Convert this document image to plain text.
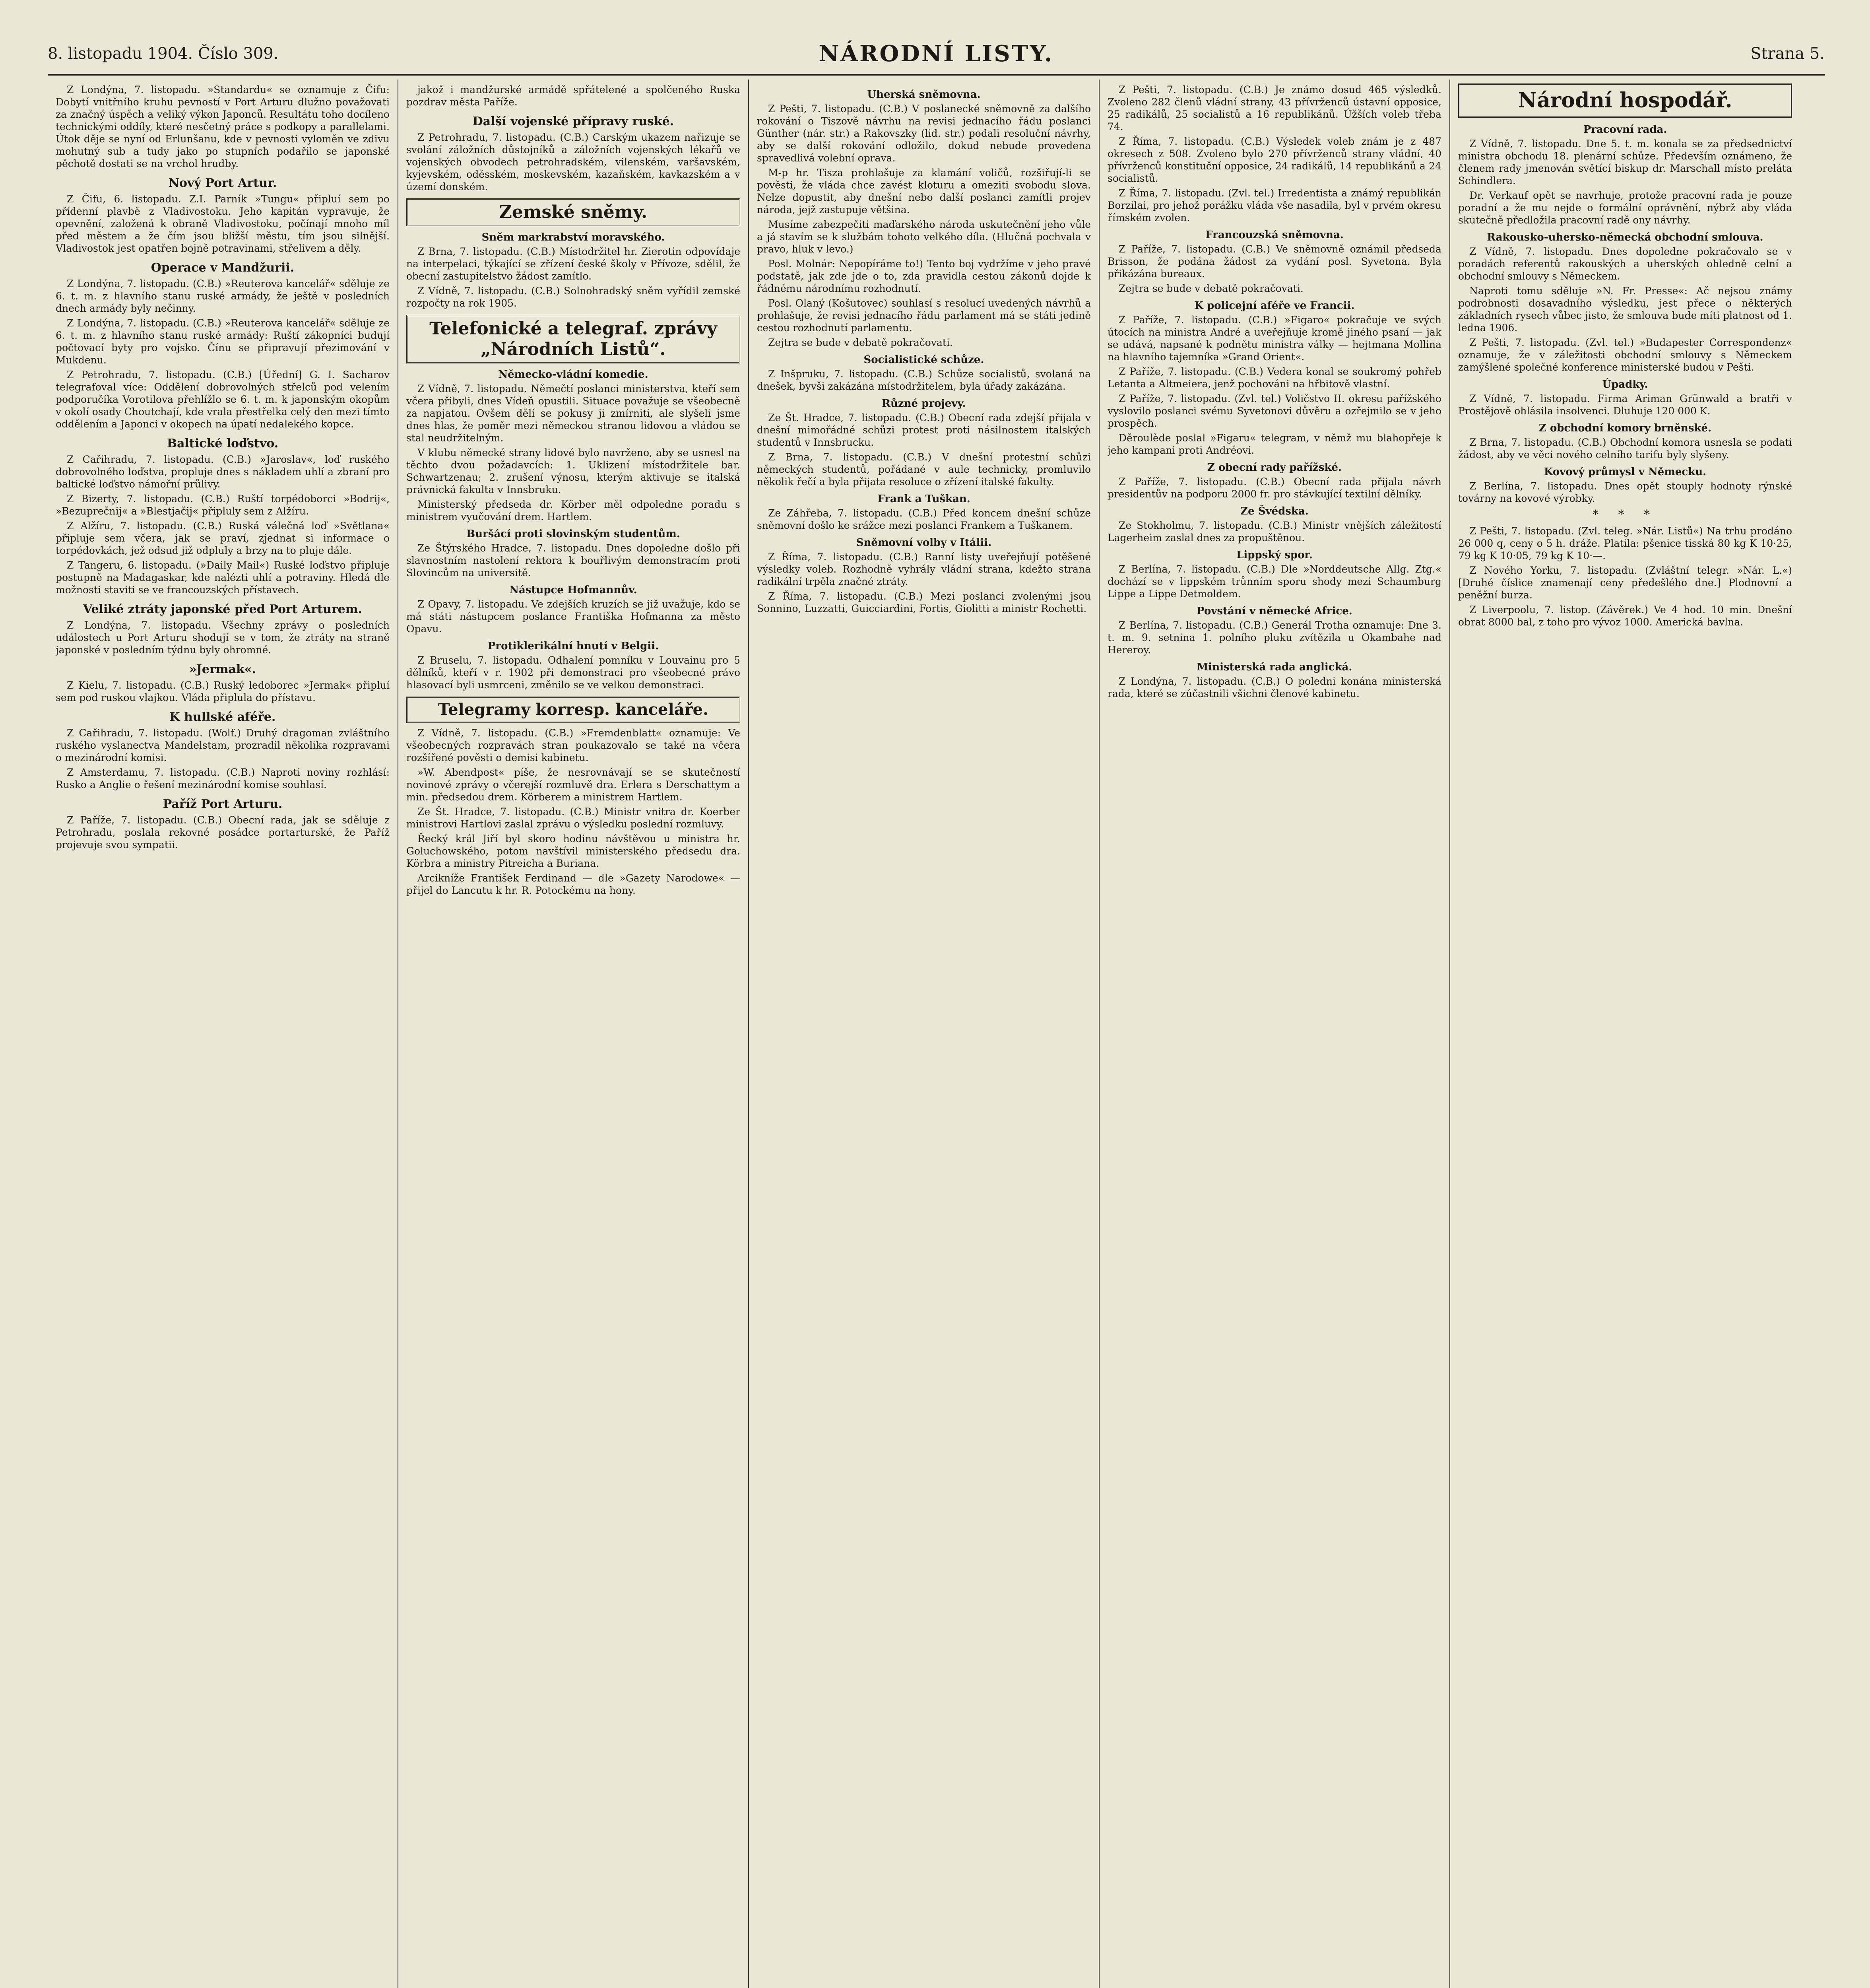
8. listopadu 1904. Číslo 309.	NÁRODNÍ LISTY.	Strana 5.

Z Londýna, 7. listopadu. »Standardu« se oznamuje z Čifu: Dobytí vnitřního kruhu pevností v Port Arturu dlužno považovati za značný úspěch a veliký výkon Japonců. Resultátu toho docíleno technickými oddíly, které nesčetný práce s podkopy a parallelami. Útok děje se nyní od Erlunšanu, kde v pevnosti vyloměn ve zdivu mohutný sub a tudy jako po stupních podařilo se japonské pěchotě dostati se na vrchol hrudby.

Nový Port Artur.

Z Čifu, 6. listopadu. Z.I. Parník »Tungu« připluí sem po přídenní plavbě z Vladivostoku. Jeho kapitán vypravuje, že opevnění, založená k obraně Vladivostoku, počínají mnoho míl před městem a že čím jsou bližší městu, tím jsou silnější. Vladivostok jest opatřen bojně potravinami, střelivem a děly.

Operace v Mandžurii.

Z Londýna, 7. listopadu. (C.B.) »Reuterova kancelář« sděluje ze 6. t. m. z hlavního stanu ruské armády, že ještě v posledních dnech armády byly nečinny.

Z Londýna, 7. listopadu. (C.B.) »Reuterova kancelář« sděluje ze 6. t. m. z hlavního stanu ruské armády: Ruští zákopníci budují počtovací byty pro vojsko. Čínu se připravují přezimování v Mukdenu.

Z Petrohradu, 7. listopadu. (C.B.) [Úřední] G. I. Sacharov telegrafoval více: Oddělení dobrovolných střelců pod velením podporučíka Vorotilova přehlížlo se 6. t. m. k japonským okopům v okolí osady Choutchají, kde vrala přestřelka celý den mezi tímto oddělením a Japonci v okopech na úpatí nedalekého kopce.

Baltické loďstvo.

Z Cařihradu, 7. listopadu. (C.B.) »Jaroslav«, loď ruského dobrovolného loďstva, propluje dnes s nákladem uhlí a zbraní pro baltické loďstvo námořní průlivy.

Z Bizerty, 7. listopadu. (C.B.) Ruští torpédoborci »Bodrij«, »Bezuprečnij« a »Blestjačij« připluly sem z Alžíru.

Z Alžíru, 7. listopadu. (C.B.) Ruská válečná loď »Světlana« připluje sem včera, jak se praví, zjednat si informace o torpédovkách, jež odsud již odpluly a brzy na to pluje dále.

Z Tangeru, 6. listopadu. (»Daily Mail«) Ruské loďstvo připluje postupně na Madagaskar, kde nalézti uhlí a potraviny. Hledá dle možnosti staviti se ve francouzských přístavech.

Veliké ztráty japonské před Port Arturem.

Z Londýna, 7. listopadu. Všechny zprávy o posledních událostech u Port Arturu shodují se v tom, že ztráty na straně japonské v posledním týdnu byly ohromné.

»Jermak«.

Z Kielu, 7. listopadu. (C.B.) Ruský ledoborec »Jermak« připluí sem pod ruskou vlajkou. Vláda připlula do přístavu.

K hullské aféře.

Z Cařihradu, 7. listopadu. (Wolf.) Druhý dragoman zvláštního ruského vyslanectva Mandelstam, prozradil několika rozpravami o mezinárodní komisi.

Z Amsterdamu, 7. listopadu. (C.B.) Naproti noviny rozhlásí: Rusko a Anglie o řešení mezinárodní komise souhlasí.

Paříž Port Arturu.

Z Paříže, 7. listopadu. (C.B.) Obecní rada, jak se sděluje z Petrohradu, poslala rekovné posádce portarturské, že Paříž projevuje svou sympatii.

jakož i mandžurské armádě spřátelené a spolčeného Ruska pozdrav města Paříže.

Další vojenské přípravy ruské.

Z Petrohradu, 7. listopadu. (C.B.) Carským ukazem nařizuje se svolání záložních důstojníků a záložních vojenských lékařů ve vojenských obvodech petrohradském, vilenském, varšavském, kyjevském, oděsském, moskevském, kazaňském, kavkazském a v území donském.

Zemské sněmy.
Sněm markrabství moravského.

Z Brna, 7. listopadu. (C.B.) Místodržitel hr. Zierotin odpovídaje na interpelaci, týkající se zřízení české školy v Přívoze, sdělil, že obecní zastupitelstvo žádost zamítlo.

Z Vídně, 7. listopadu. (C.B.) Solnohradský sněm vyřídil zemské rozpočty na rok 1905.

Telefonické a telegraf. zprávy „Národních Listů“.
Německo-vládní komedie.

Z Vídně, 7. listopadu. Němečtí poslanci ministerstva, kteří sem včera přibyli, dnes Vídeň opustili. Situace považuje se všeobecně za napjatou. Ovšem dělí se pokusy ji zmírniti, ale slyšeli jsme dnes hlas, že poměr mezi německou stranou lidovou a vládou se stal neudržitelným.

V klubu německé strany lidové bylo navrženo, aby se usnesl na těchto dvou požadavcích: 1. Uklizení místodržitele bar. Schwartzenau; 2. zrušení výnosu, kterým aktivuje se italská právnická fakulta v Innsbruku.

Ministerský předseda dr. Körber měl odpoledne poradu s ministrem vyučování drem. Hartlem.

Buršácí proti slovinským studentům.

Ze Štýrského Hradce, 7. listopadu. Dnes dopoledne došlo při slavnostním nastolení rektora k bouřlivým demonstracím proti Slovincům na universitě.

Nástupce Hofmannův.

Z Opavy, 7. listopadu. Ve zdejších kruzích se již uvažuje, kdo se má státi nástupcem poslance Františka Hofmanna za město Opavu.

Protiklerikální hnutí v Belgii.

Z Bruselu, 7. listopadu. Odhalení pomníku v Louvainu pro 5 dělníků, kteří v r. 1902 při demonstraci pro všeobecné právo hlasovací byli usmrceni, změnilo se ve velkou demonstraci.

Telegramy korresp. kanceláře.

Z Vídně, 7. listopadu. (C.B.) »Fremdenblatt« oznamuje: Ve všeobecných rozpravách stran poukazovalo se také na včera rozšířené pověsti o demisi kabinetu.

»W. Abendpost« píše, že nesrovnávají se se skutečností novinové zprávy o včerejší rozmluvě dra. Erlera s Derschattym a min. předsedou drem. Körberem a ministrem Hartlem.

Ze Št. Hradce, 7. listopadu. (C.B.) Ministr vnitra dr. Koerber ministrovi Hartlovi zaslal zprávu o výsledku poslední rozmluvy.

Řecký král Jiří byl skoro hodinu návštěvou u ministra hr. Goluchowského, potom navštívil ministerského předsedu dra. Körbra a ministry Pitreicha a Buriana.

Arcikníže František Ferdinand — dle »Gazety Narodowe« — přijel do Lancutu k hr. R. Potockému na hony.

Uherská sněmovna.

Z Pešti, 7. listopadu. (C.B.) V poslanecké sněmovně za dalšího rokování o Tiszově návrhu na revisi jednacího řádu poslanci Günther (nár. str.) a Rakovszky (lid. str.) podali resoluční návrhy, aby se další rokování odložilo, dokud nebude provedena spravedlivá volební oprava.

M-p hr. Tisza prohlašuje za klamání voličů, rozšiřují-li se pověsti, že vláda chce zavést kloturu a omeziti svobodu slova. Nelze dopustit, aby dnešní nebo další poslanci zamítli projev národa, jejž zastupuje většina.

Musíme zabezpečiti maďarského národa uskutečnění jeho vůle a já stavím se k službám tohoto velkého díla. (Hlučná pochvala v pravo, hluk v levo.)

Posl. Molnár: Nepopíráme to!) Tento boj vydržíme v jeho pravé podstatě, jak zde jde o to, zda pravidla cestou zákonů dojde k řádnému národnímu rozhodnutí.

Posl. Olaný (Košutovec) souhlasí s resolucí uvedených návrhů a prohlašuje, že revisi jednacího řádu parlament má se státi jedině cestou rozhodnutí parlamentu.

Zejtra se bude v debatě pokračovati.

Socialistické schůze.

Z Inšpruku, 7. listopadu. (C.B.) Schůze socialistů, svolaná na dnešek, byvši zakázána místodržitelem, byla úřady zakázána.

Různé projevy.

Ze Št. Hradce, 7. listopadu. (C.B.) Obecní rada zdejší přijala v dnešní mimořádné schůzi protest proti násilnostem italských studentů v Innsbrucku.

Z Brna, 7. listopadu. (C.B.) V dnešní protestní schůzi německých studentů, pořádané v aule technicky, promluvilo několik řečí a byla přijata resoluce o zřízení italské fakulty.

Frank a Tuškan.

Ze Záhřeba, 7. listopadu. (C.B.) Před koncem dnešní schůze sněmovní došlo ke srážce mezi poslanci Frankem a Tuškanem.

Sněmovní volby v Itálii.

Z Říma, 7. listopadu. (C.B.) Ranní listy uveřejňují potěšené výsledky voleb. Rozhodně vyhrály vládní strana, kdežto strana radikální trpěla značné ztráty.

Z Říma, 7. listopadu. (C.B.) Mezi poslanci zvolenými jsou Sonnino, Luzzatti, Guicciardini, Fortis, Giolitti a ministr Rochetti.

Z Pešti, 7. listopadu. (C.B.) Je známo dosud 465 výsledků. Zvoleno 282 členů vládní strany, 43 přívrženců ústavní opposice, 25 radikálů, 25 socialistů a 16 republikánů. Úžších voleb třeba 74.

Z Říma, 7. listopadu. (C.B.) Výsledek voleb znám je z 487 okresech z 508. Zvoleno bylo 270 přívrženců strany vládní, 40 přívrženců konstituční opposice, 24 radikálů, 14 republikánů a 24 socialistů.

Z Říma, 7. listopadu. (Zvl. tel.) Irredentista a známý republikán Borzilai, pro jehož porážku vláda vše nasadila, byl v prvém okresu římském zvolen.

Francouzská sněmovna.

Z Paříže, 7. listopadu. (C.B.) Ve sněmovně oznámil předseda Brisson, že podána žádost za vydání posl. Syvetona. Byla přikázána bureaux.

Zejtra se bude v debatě pokračovati.

K policejní aféře ve Francii.

Z Paříže, 7. listopadu. (C.B.) »Figaro« pokračuje ve svých útocích na ministra André a uveřejňuje kromě jiného psaní — jak se udává, napsané k podnětu ministra války — hejtmana Mollina na hlavního tajemníka »Grand Orient«.

Z Paříže, 7. listopadu. (C.B.) Vedera konal se soukromý pohřeb Letanta a Altmeiera, jenž pochováni na hřbitově vlastní.

Z Paříže, 7. listopadu. (Zvl. tel.) Voličstvo II. okresu pařížského vyslovilo poslanci svému Syvetonovi důvěru a ozřejmilo se v jeho prospěch.

Děroulède poslal »Figaru« telegram, v němž mu blahopřeje k jeho kampani proti Andréovi.

Z obecní rady pařížské.

Z Paříže, 7. listopadu. (C.B.) Obecní rada přijala návrh presidentův na podporu 2000 fr. pro stávkující textilní dělníky.

Ze Švédska.

Ze Stokholmu, 7. listopadu. (C.B.) Ministr vnějších záležitostí Lagerheim zaslal dnes za propuštěnou.

Lippský spor.

Z Berlína, 7. listopadu. (C.B.) Dle »Norddeutsche Allg. Ztg.« dochází se v lippském trůnním sporu shody mezi Schaumburg Lippe a Lippe Detmoldem.

Povstání v německé Africe.

Z Berlína, 7. listopadu. (C.B.) Generál Trotha oznamuje: Dne 3. t. m. 9. setnina 1. polního pluku zvítězila u Okambahe nad Hereroy.

Ministerská rada anglická.

Z Londýna, 7. listopadu. (C.B.) O poledni konána ministerská rada, které se zúčastnili všichni členové kabinetu.

Národní hospodář.
Pracovní rada.

Z Vídně, 7. listopadu. Dne 5. t. m. konala se za předsednictví ministra obchodu 18. plenární schůze. Především oznámeno, že členem rady jmenován světící biskup dr. Marschall místo preláta Schindlera.

Dr. Verkauf opět se navrhuje, protože pracovní rada je pouze poradní a že mu nejde o formální oprávnění, nýbrž aby vláda skutečně předložila pracovní radě ony návrhy.

Rakousko-uhersko-německá obchodní smlouva.

Z Vídně, 7. listopadu. Dnes dopoledne pokračovalo se v poradách referentů rakouských a uherských ohledně celní a obchodní smlouvy s Německem.

Naproti tomu sděluje »N. Fr. Presse«: Ač nejsou známy podrobnosti dosavadního výsledku, jest přece o některých základních rysech vůbec jisto, že smlouva bude míti platnost od 1. ledna 1906.

Z Pešti, 7. listopadu. (Zvl. tel.) »Budapester Correspondenz« oznamuje, že v záležitosti obchodní smlouvy s Německem zamýšlené společné konference ministerské budou v Pešti.

Úpadky.

Z Vídně, 7. listopadu. Firma Ariman Grünwald a bratři v Prostějově ohlásila insolvenci. Dluhuje 120 000 K.

Z obchodní komory brněnské.

Z Brna, 7. listopadu. (C.B.) Obchodní komora usnesla se podati žádost, aby ve věci nového celního tarifu byly slyšeny.

Kovový průmysl v Německu.

Z Berlína, 7. listopadu. Dnes opět stouply hodnoty rýnské továrny na kovové výrobky.

* * *

Z Pešti, 7. listopadu. (Zvl. teleg. »Nár. Listů«) Na trhu prodáno 26 000 q, ceny o 5 h. dráže. Platila: pšenice tisská 80 kg K 10·25, 79 kg K 10·05, 79 kg K 10·—.

Z Nového Yorku, 7. listopadu. (Zvláštní telegr. »Nár. L.«) [Druhé číslice znamenají ceny předešlého dne.] Plodnovní a peněžní burza.

Z Liverpoolu, 7. listop. (Závěrek.) Ve 4 hod. 10 min. Dnešní obrat 8000 bal, z toho pro vývoz 1000. Americká bavlna.
